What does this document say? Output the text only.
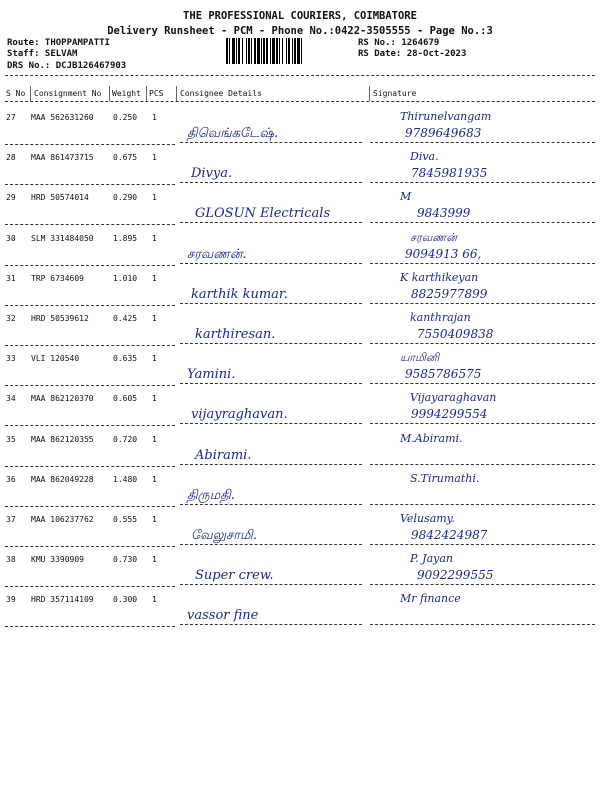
THE PROFESSIONAL COURIERS, COIMBATORE
Delivery Runsheet - PCM - Phone No.:0422-3505555 - Page No.:3
Route: THOPPAMPATTI
Staff: SELVAM
DRS No.: DCJB126467903
RS No.: 1264679
RS Date: 28-Oct-2023
S No Consignment No Weight PCS Consignee Details	Signature
27 MAA 562631260 0.250 1
திவெங்கடேஷ்.
Thirunelvangam
9789649683
28 MAA 861473715 0.675 1
Divya.
Diva.
7845981935
29 HRD 50574014	0.290 1
GLOSUN Electricals
M
9843999
30 SLM 331484050 1.895 1
சரவணன்.
சரவணன்
9094913 66,
31 TRP 6734609	1.010 1
karthik kumar.
K karthikeyan
8825977899
32 HRD 50539612	0.425 1
karthiresan.
kanthrajan
7550409838
33 VLI 120540	0.635 1
Yamini.
யாமினி
9585786575
34 MAA 862120370 0.605 1
vijayraghavan.
Vijayaraghavan
9994299554
35 MAA 862120355 0.720 1
Abirami.
M.Abirami.
36 MAA 862049228 1.480 1
திருமதி.
S.Tirumathi.
37 MAA 106237762 0.555 1
வேலுசாமி.
Velusamy.
9842424987
38 KMU 3390909	0.730 1
Super crew.
P. Jayan
9092299555
39 HRD 357114109 0.300 1
vassor fine
Mr finance
